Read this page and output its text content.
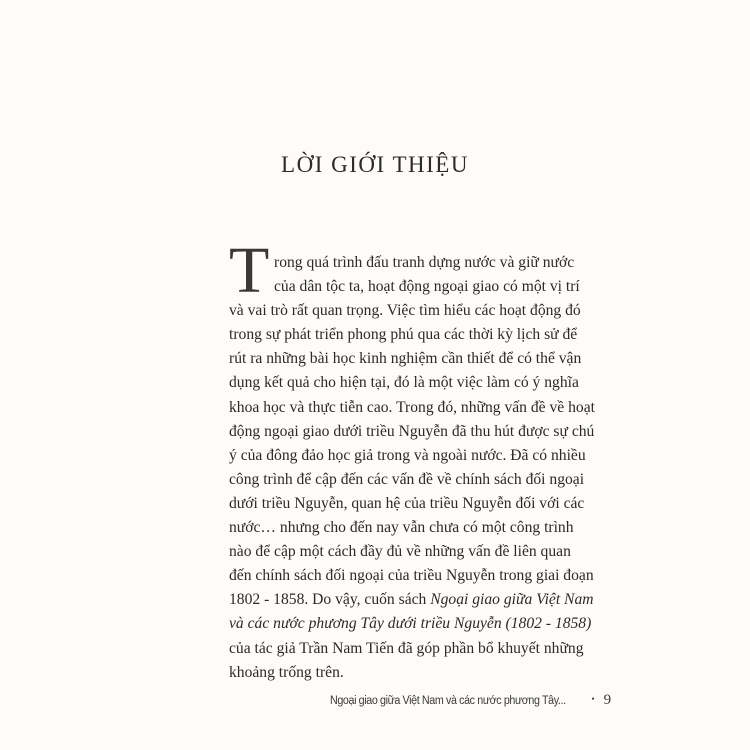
LỜI GIỚI THIỆU
T rong quá trình đấu tranh dựng nước và giữ nước
của dân tộc ta, hoạt động ngoại giao có một vị trí
và vai trò rất quan trọng. Việc tìm hiểu các hoạt động đó
trong sự phát triển phong phú qua các thời kỳ lịch sử để
rút ra những bài học kinh nghiệm cần thiết để có thể vận
dụng kết quả cho hiện tại, đó là một việc làm có ý nghĩa
khoa học và thực tiễn cao. Trong đó, những vấn đề về hoạt
động ngoại giao dưới triều Nguyễn đã thu hút được sự chú
ý của đông đảo học giả trong và ngoài nước. Đã có nhiều
công trình để cập đến các vấn đề về chính sách đối ngoại
dưới triều Nguyễn, quan hệ của triều Nguyễn đối với các
nước… nhưng cho đến nay vẫn chưa có một công trình
nào để cập một cách đầy đủ về những vấn đề liên quan
đến chính sách đối ngoại của triều Nguyễn trong giai đoạn
1802 - 1858. Do vậy, cuốn sách Ngoại giao giữa Việt Nam
và các nước phương Tây dưới triều Nguyễn (1802 - 1858)
của tác giả Trần Nam Tiến đã góp phần bổ khuyết những
khoảng trống trên.
Ngoại giao giữa Việt Nam và các nước phương Tây...	• 9
